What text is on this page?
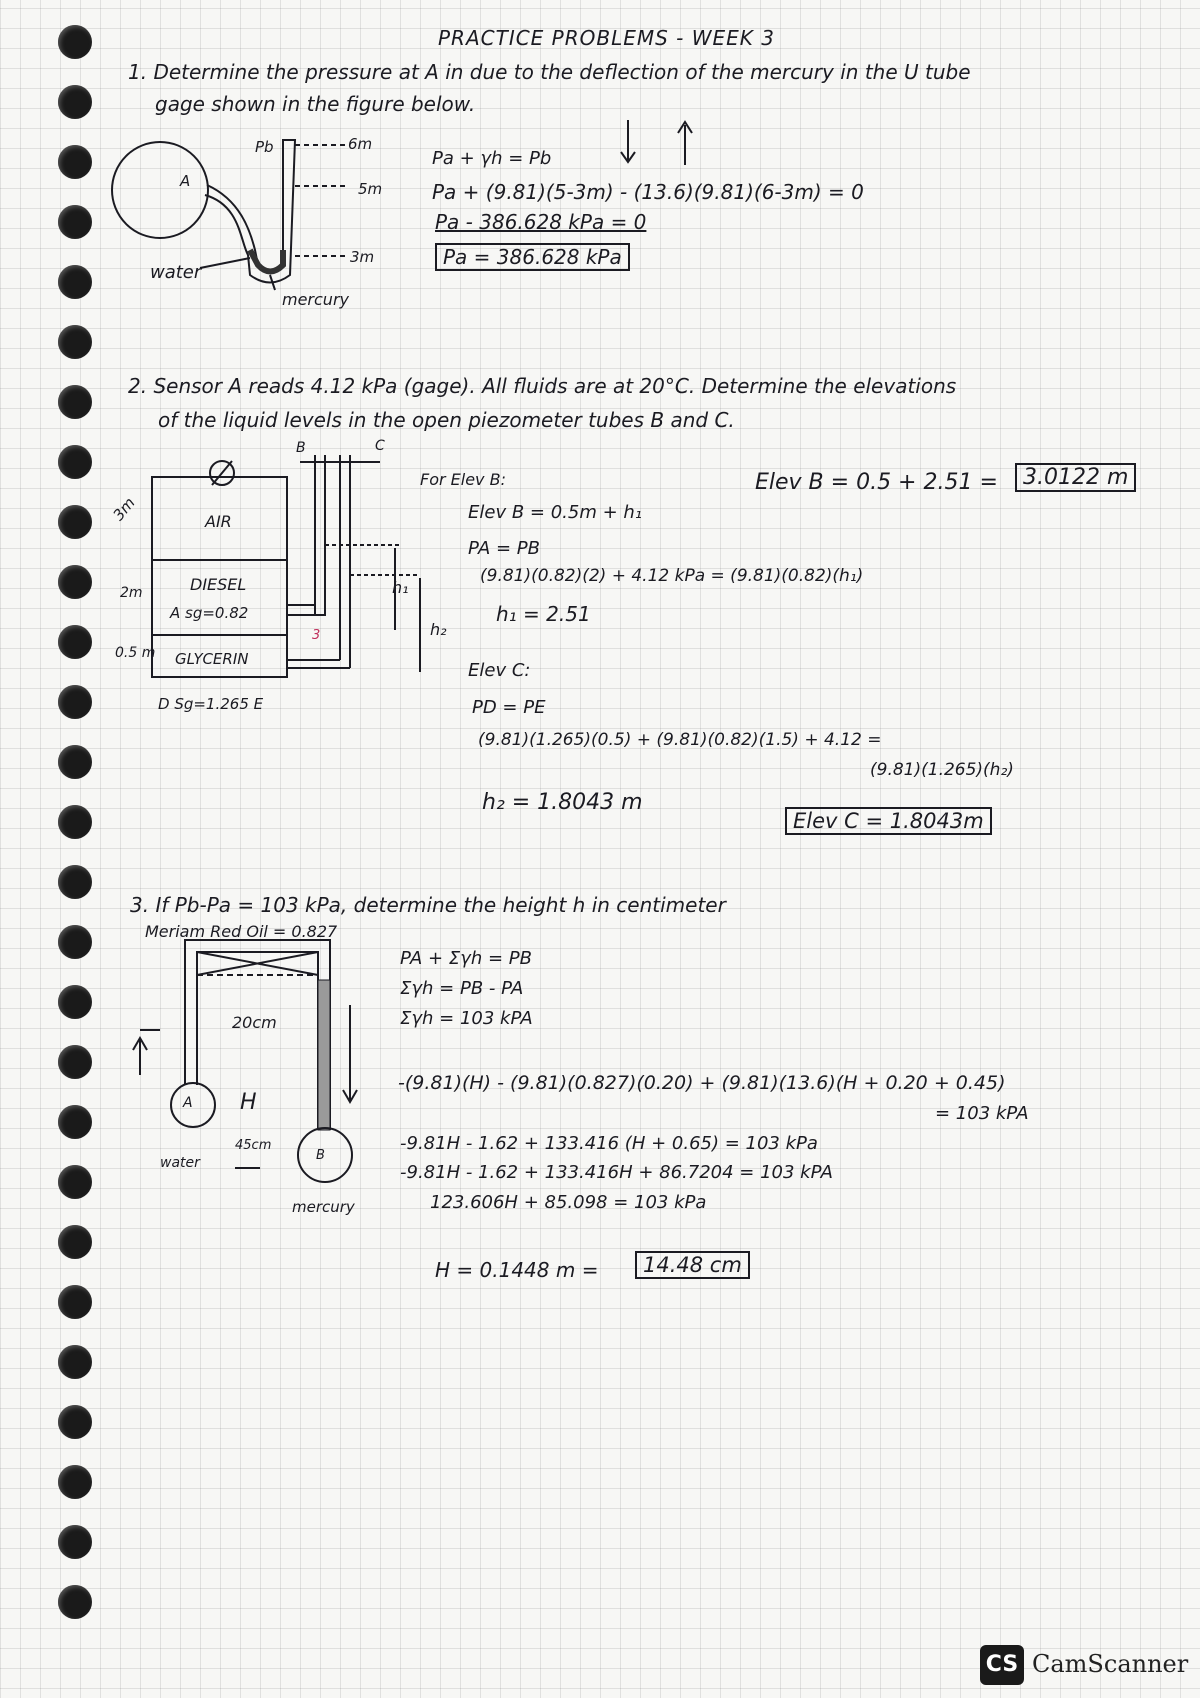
PRACTICE PROBLEMS - WEEK 3
1. Determine the pressure at A in due to the deflection of the mercury in the U tube
gage shown in the figure below.
Pb
A
6m
5m
3m
water
mercury
Pa + γh = Pb
Pa + (9.81)(5-3m) - (13.6)(9.81)(6-3m) = 0
Pa - 386.628 kPa = 0
Pa = 386.628 kPa
2. Sensor A reads 4.12 kPa (gage). All fluids are at 20°C. Determine the elevations
of the liquid levels in the open piezometer tubes B and C.
B	C
3m	AIR
2m	DIESEL
A sg=0.82
3
0.5 m GLYCERIN
D Sg=1.265 E
h₁
h₂
For Elev B:
Elev B = 0.5m + h₁
PA = PB
(9.81)(0.82)(2) + 4.12 kPa = (9.81)(0.82)(h₁)
h₁ = 2.51
Elev B = 0.5 + 2.51 =	3.0122 m
Elev C:
PD = PE
(9.81)(1.265)(0.5) + (9.81)(0.82)(1.5) + 4.12 =
(9.81)(1.265)(h₂)
h₂ = 1.8043 m
Elev C = 1.8043m
3. If Pb-Pa = 103 kPa, determine the height h in centimeter
Meriam Red Oil = 0.827
20cm
A H
45cm
B
water
mercury
PA + Σγh = PB
Σγh = PB - PA
Σγh = 103 kPA
-(9.81)(H) - (9.81)(0.827)(0.20) + (9.81)(13.6)(H + 0.20 + 0.45)
= 103 kPA
-9.81H - 1.62 + 133.416 (H + 0.65) = 103 kPa
-9.81H - 1.62 + 133.416H + 86.7204 = 103 kPA
123.606H + 85.098 = 103 kPa
H = 0.1448 m =	14.48 cm
CS CamScanner
